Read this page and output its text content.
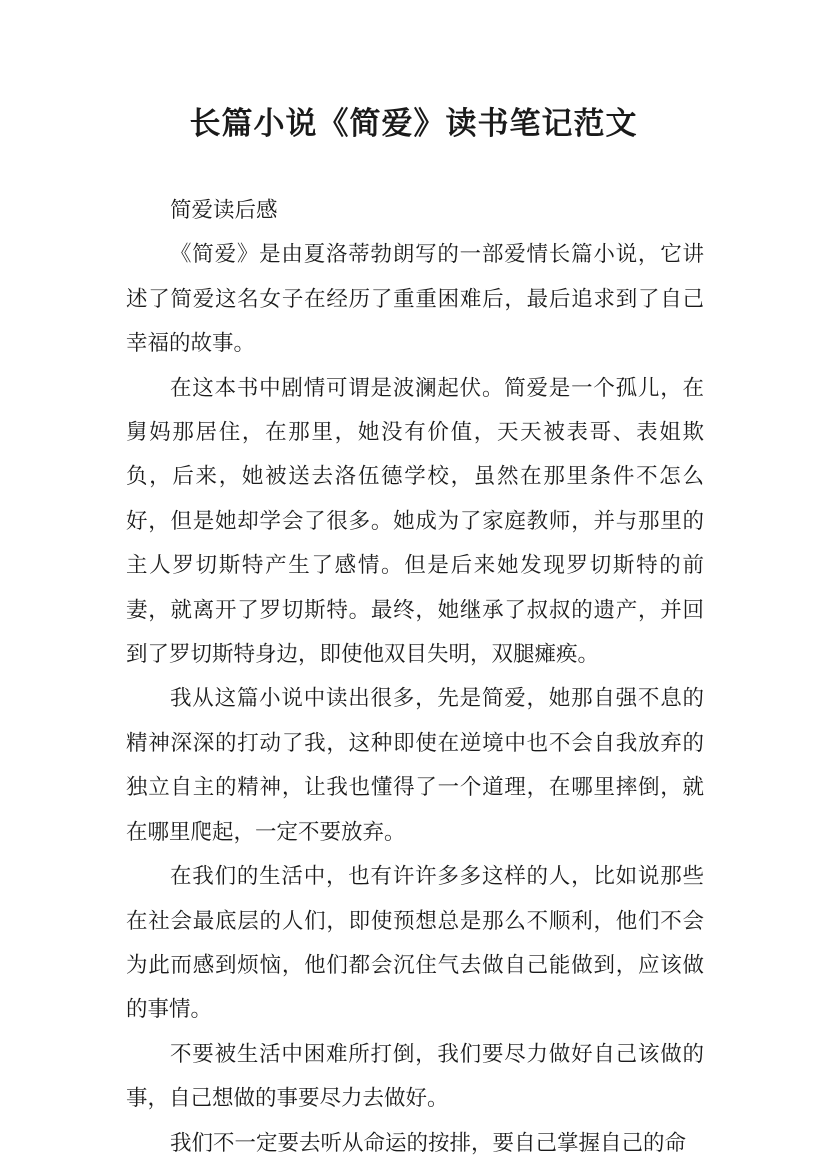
长篇小说《简爱》读书笔记范文

简爱读后感

《简爱》是由夏洛蒂勃朗写的一部爱情长篇小说，它讲述了简爱这名女子在经历了重重困难后，最后追求到了自己幸福的故事。

在这本书中剧情可谓是波澜起伏。简爱是一个孤儿，在舅妈那居住，在那里，她没有价值，天天被表哥、表姐欺负，后来，她被送去洛伍德学校，虽然在那里条件不怎么好，但是她却学会了很多。她成为了家庭教师，并与那里的主人罗切斯特产生了感情。但是后来她发现罗切斯特的前妻，就离开了罗切斯特。最终，她继承了叔叔的遗产，并回到了罗切斯特身边，即使他双目失明，双腿瘫痪。

我从这篇小说中读出很多，先是简爱，她那自强不息的精神深深的打动了我，这种即使在逆境中也不会自我放弃的独立自主的精神，让我也懂得了一个道理，在哪里摔倒，就在哪里爬起，一定不要放弃。

在我们的生活中，也有许许多多这样的人，比如说那些在社会最底层的人们，即使预想总是那么不顺利，他们不会为此而感到烦恼，他们都会沉住气去做自己能做到，应该做的事情。

不要被生活中困难所打倒，我们要尽力做好自己该做的事，自己想做的事要尽力去做好。

我们不一定要去听从命运的按排，要自己掌握自己的命
